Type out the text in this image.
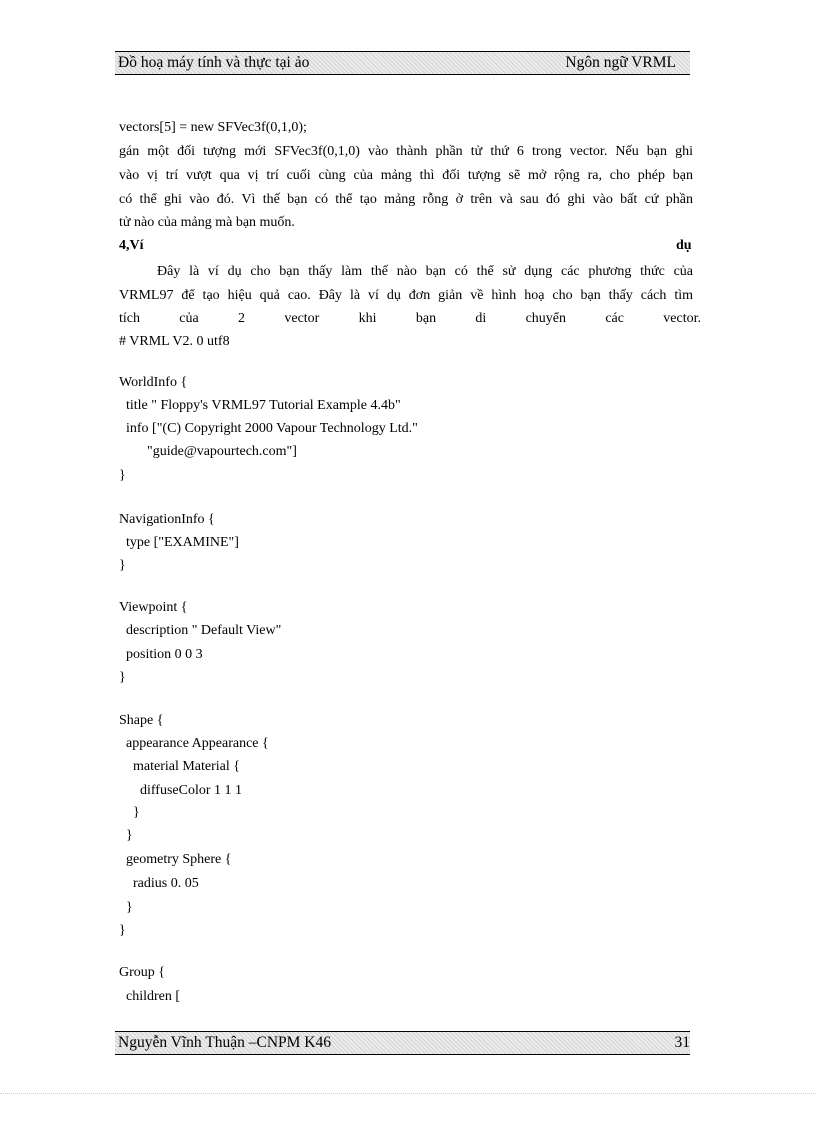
Đồ hoạ máy tính và thực tại ảo	Ngôn ngữ VRML
vectors[5] = new SFVec3f(0,1,0);
gán một đối tượng mới SFVec3f(0,1,0) vào thành phần tử thứ 6 trong vector. Nếu bạn ghi
vào vị trí vượt qua vị trí cuối cùng của mảng thì đối tượng sẽ mở rộng ra, cho phép bạn
có thể ghi vào đó. Vì thế bạn có thể tạo mảng rỗng ở trên và sau đó ghi vào bất cứ phần
tử nào của mảng mà bạn muốn.
4,Ví	dụ
Đây là ví dụ cho bạn thấy làm thế nào bạn có thể sử dụng các phương thức của
VRML97 để tạo hiệu quả cao. Đây là ví dụ đơn giản về hình hoạ cho bạn thấy cách tìm
tích của 2 vector khi bạn di chuyển các vector.
# VRML V2. 0 utf8
WorldInfo {
title " Floppy's VRML97 Tutorial Example 4.4b"
info ["(C) Copyright 2000 Vapour Technology Ltd."
"guide@vapourtech.com"]
}
NavigationInfo {
type ["EXAMINE"]
}
Viewpoint {
description " Default View"
position 0 0 3
}
Shape {
appearance Appearance {
material Material {
diffuseColor 1 1 1
}
}
geometry Sphere {
radius 0. 05
}
}
Group {
children [
Nguyễn Vĩnh Thuận –CNPM K46	31
